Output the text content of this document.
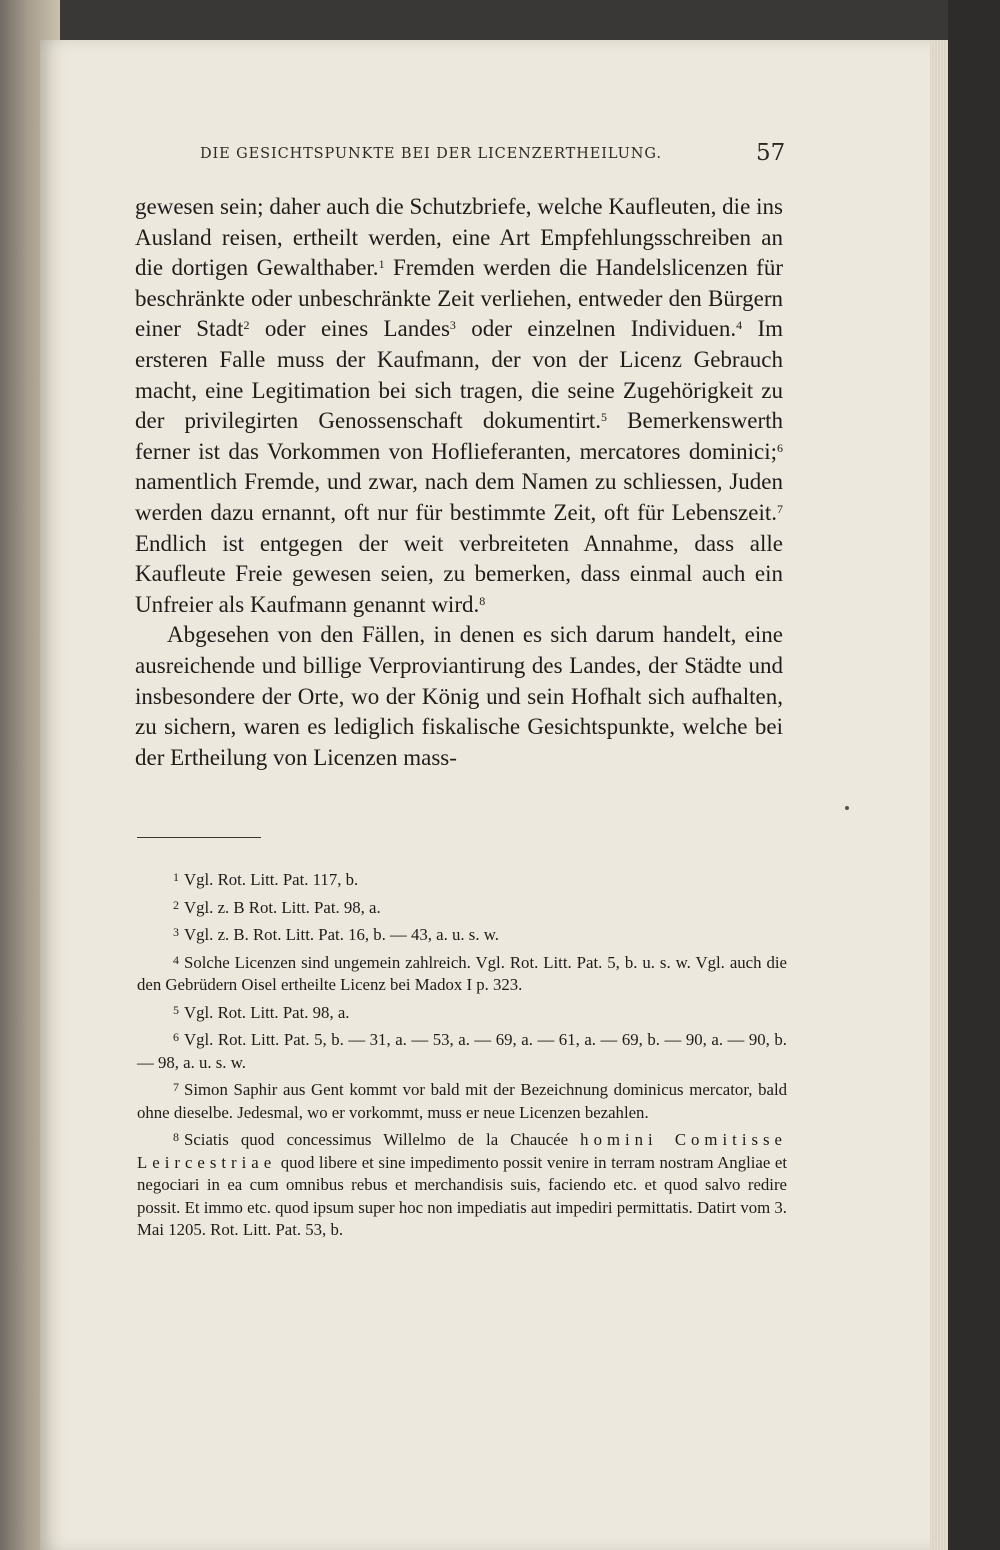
DIE GESICHTSPUNKTE BEI DER LICENZERTHEILUNG.	57

gewesen sein; daher auch die Schutzbriefe, welche Kaufleuten, die ins Ausland reisen, ertheilt werden, eine Art Empfehlungsschreiben an die dortigen Gewalthaber.$^1$ Fremden werden die Handelslicenzen für beschränkte oder unbeschränkte Zeit verliehen, entweder den Bürgern einer Stadt$^2$ oder eines Landes$^3$ oder einzelnen Individuen.$^4$ Im ersteren Falle muss der Kaufmann, der von der Licenz Gebrauch macht, eine Legitimation bei sich tragen, die seine Zugehörigkeit zu der privilegirten Genossenschaft dokumentirt.$^5$ Bemerkenswerth ferner ist das Vorkommen von Hoflieferanten, mercatores dominici;$^6$ namentlich Fremde, und zwar, nach dem Namen zu schliessen, Juden werden dazu ernannt, oft nur für bestimmte Zeit, oft für Lebenszeit.$^7$ Endlich ist entgegen der weit verbreiteten Annahme, dass alle Kaufleute Freie gewesen seien, zu bemerken, dass einmal auch ein Unfreier als Kaufmann genannt wird.$^8$

Abgesehen von den Fällen, in denen es sich darum handelt, eine ausreichende und billige Verproviantirung des Landes, der Städte und insbesondere der Orte, wo der König und sein Hofhalt sich aufhalten, zu sichern, waren es lediglich fiskalische Gesichtspunkte, welche bei der Ertheilung von Licenzen mass-

$^1$ Vgl. Rot. Litt. Pat. 117, b.

$^2$ Vgl. z. B Rot. Litt. Pat. 98, a.

$^3$ Vgl. z. B. Rot. Litt. Pat. 16, b. — 43, a. u. s. w.

$^4$ Solche Licenzen sind ungemein zahlreich. Vgl. Rot. Litt. Pat. 5, b. u. s. w. Vgl. auch die den Gebrüdern Oisel ertheilte Licenz bei Madox I p. 323.

$^5$ Vgl. Rot. Litt. Pat. 98, a.

$^6$ Vgl. Rot. Litt. Pat. 5, b. — 31, a. — 53, a. — 69, a. — 61, a. — 69, b. — 90, a. — 90, b. — 98, a. u. s. w.

$^7$ Simon Saphir aus Gent kommt vor bald mit der Bezeichnung dominicus mercator, bald ohne dieselbe. Jedesmal, wo er vorkommt, muss er neue Licenzen bezahlen.

$^8$ Sciatis quod concessimus Willelmo de la Chaucée homini Comitisse Leircestriae quod libere et sine impedimento possit venire in terram nostram Angliae et negociari in ea cum omnibus rebus et merchandisis suis, faciendo etc. et quod salvo redire possit. Et immo etc. quod ipsum super hoc non impediatis aut impediri permittatis. Datirt vom 3. Mai 1205. Rot. Litt. Pat. 53, b.
